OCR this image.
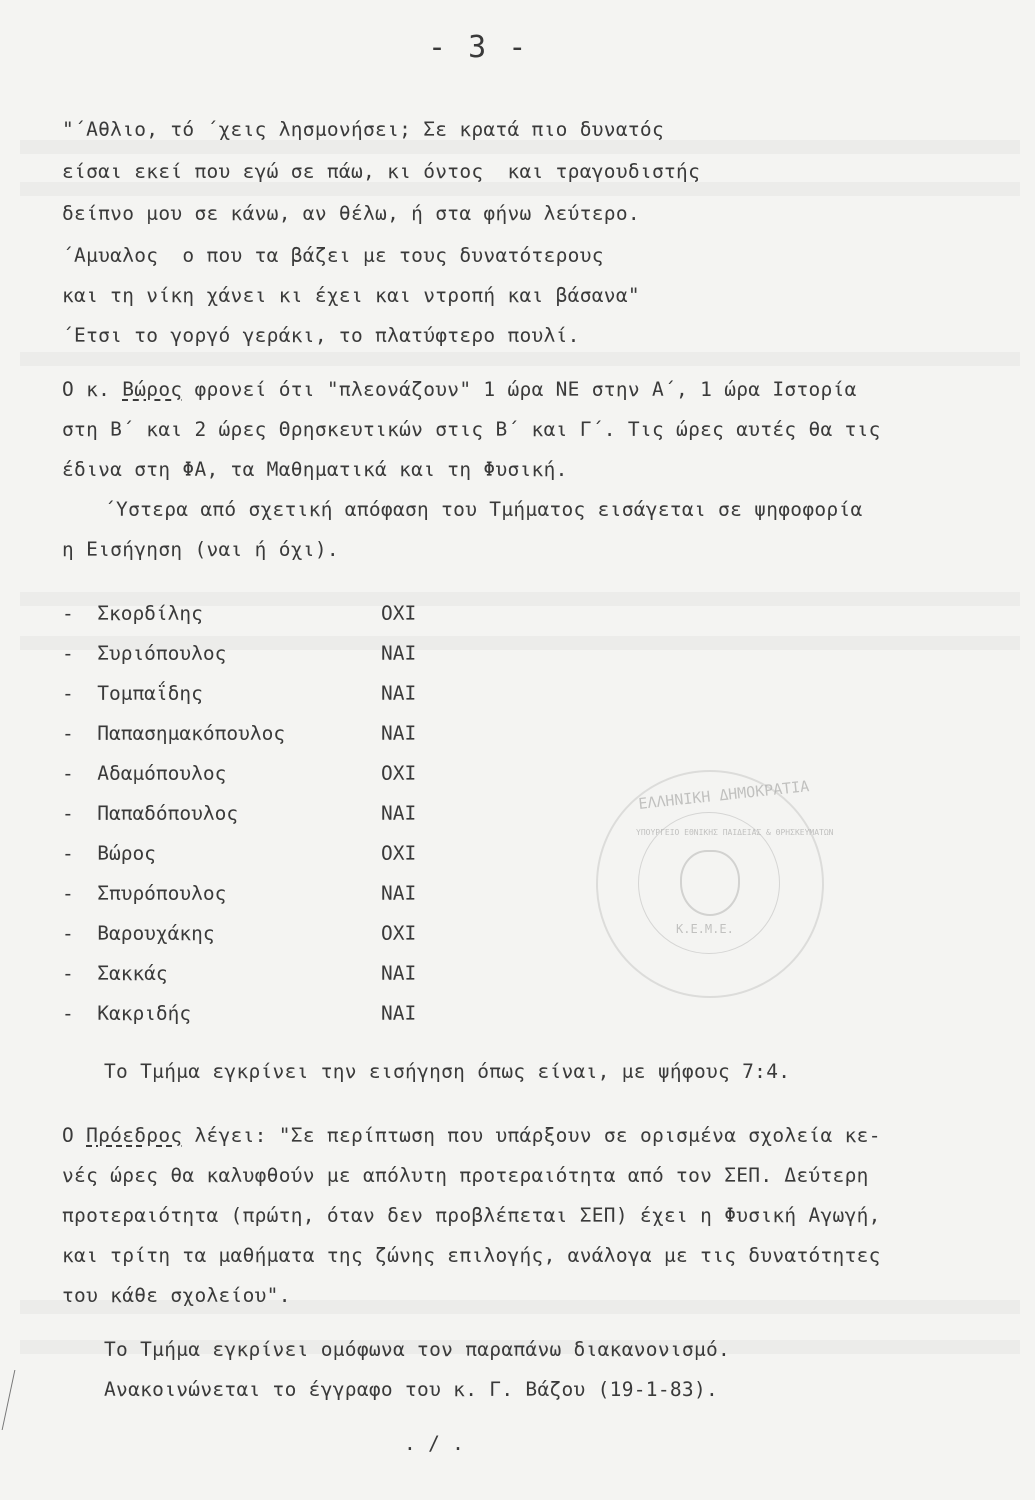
- 3 -
"΄Αθλιο, τό ΄χεις λησμονήσει; Σε κρατά πιο δυνατός
είσαι εκεί που εγώ σε πάω, κι όντος  και τραγουδιστής
δείπνο μου σε κάνω, αν θέλω, ή στα φήνω λεύτερο.
΄Αμυαλος  ο που τα βάζει με τους δυνατότερους
και τη νίκη χάνει κι έχει και ντροπή και βάσανα"
΄Ετσι το γοργό γεράκι, το πλατύφτερο πουλί.
Ο κ. Βώρος φρονεί ότι "πλεονάζουν" 1 ώρα ΝΕ στην Α΄, 1 ώρα Ιστορία
στη Β΄ και 2 ώρες Θρησκευτικών στις Β΄ και Γ΄. Τις ώρες αυτές θα τις
έδινα στη ΦΑ, τα Μαθηματικά και τη Φυσική.
΄Υστερα από σχετική απόφαση του Τμήματος εισάγεται σε ψηφοφορία
η Εισήγηση (ναι ή όχι).
-  Σκορδίλης	ΟΧΙ
-  Συριόπουλος	ΝΑΙ
-  Τομπαΐδης	ΝΑΙ
-  Παπασημακόπουλος	ΝΑΙ
-  Αδαμόπουλος	ΟΧΙ
-  Παπαδόπουλος	ΝΑΙ
-  Βώρος	ΟΧΙ
-  Σπυρόπουλος	ΝΑΙ
-  Βαρουχάκης	ΟΧΙ
-  Σακκάς	ΝΑΙ
-  Κακριδής	ΝΑΙ
ΕΛΛΗΝΙΚΗ ΔΗΜΟΚΡΑΤΙΑ
ΥΠΟΥΡΓΕΙΟ ΕΘΝΙΚΗΣ ΠΑΙΔΕΙΑΣ & ΘΡΗΣΚΕΥΜΑΤΩΝ
Κ.Ε.Μ.Ε.
Το Τμήμα εγκρίνει την εισήγηση όπως είναι, με ψήφους 7:4.
Ο Πρόεδρος λέγει: "Σε περίπτωση που υπάρξουν σε ορισμένα σχολεία κε-
νές ώρες θα καλυφθούν με απόλυτη προτεραιότητα από τον ΣΕΠ. Δεύτερη
προτεραιότητα (πρώτη, όταν δεν προβλέπεται ΣΕΠ) έχει η Φυσική Αγωγή,
και τρίτη τα μαθήματα της ζώνης επιλογής, ανάλογα με τις δυνατότητες
του κάθε σχολείου".
Το Τμήμα εγκρίνει ομόφωνα τον παραπάνω διακανονισμό.
Ανακοινώνεται το έγγραφο του κ. Γ. Βάζου (19-1-83).
. / .
